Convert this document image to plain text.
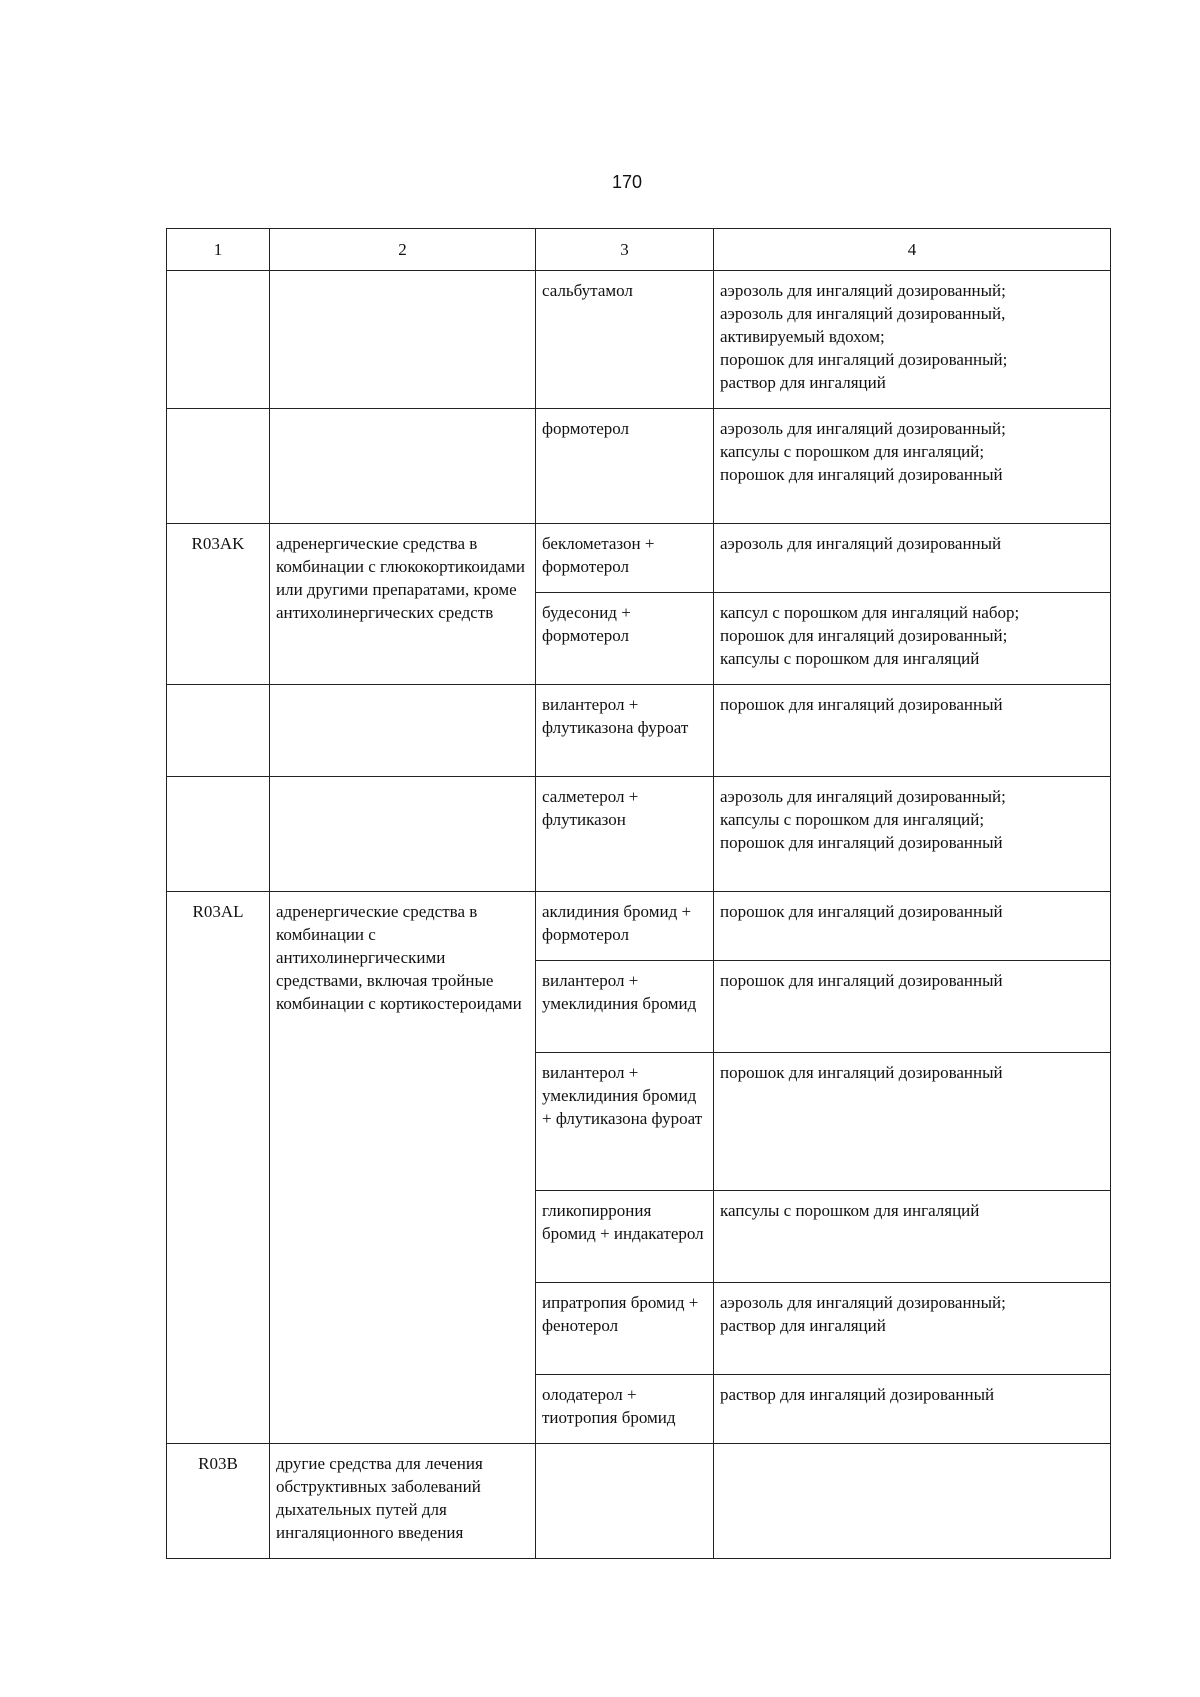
170
1	2	3	4
		сальбутамол	аэрозоль для ингаляций дозированный;
аэрозоль для ингаляций дозированный, активируемый вдохом;
порошок для ингаляций дозированный;
раствор для ингаляций
		формотерол	аэрозоль для ингаляций дозированный;
капсулы с порошком для ингаляций;
порошок для ингаляций дозированный
R03AK	адренергические средства в комбинации с глюкокортикоидами или другими препаратами, кроме антихолинергических средств	беклометазон + формотерол	аэрозоль для ингаляций дозированный
		будесонид + формотерол	капсул с порошком для ингаляций набор;
порошок для ингаляций дозированный;
капсулы с порошком для ингаляций
		вилантерол + флутиказона фуроат	порошок для ингаляций дозированный
		салметерол + флутиказон	аэрозоль для ингаляций дозированный;
капсулы с порошком для ингаляций;
порошок для ингаляций дозированный
R03AL	адренергические средства в комбинации с антихолинергическими средствами, включая тройные комбинации с кортикостероидами	аклидиния бромид + формотерол	порошок для ингаляций дозированный
		вилантерол + умеклидиния бромид	порошок для ингаляций дозированный
		вилантерол + умеклидиния бромид + флутиказона фуроат	порошок для ингаляций дозированный
		гликопиррония бромид + индакатерол	капсулы с порошком для ингаляций
		ипратропия бромид + фенотерол	аэрозоль для ингаляций дозированный;
раствор для ингаляций
		олодатерол + тиотропия бромид	раствор для ингаляций дозированный
R03B	другие средства для лечения обструктивных заболеваний дыхательных путей для ингаляционного введения		
